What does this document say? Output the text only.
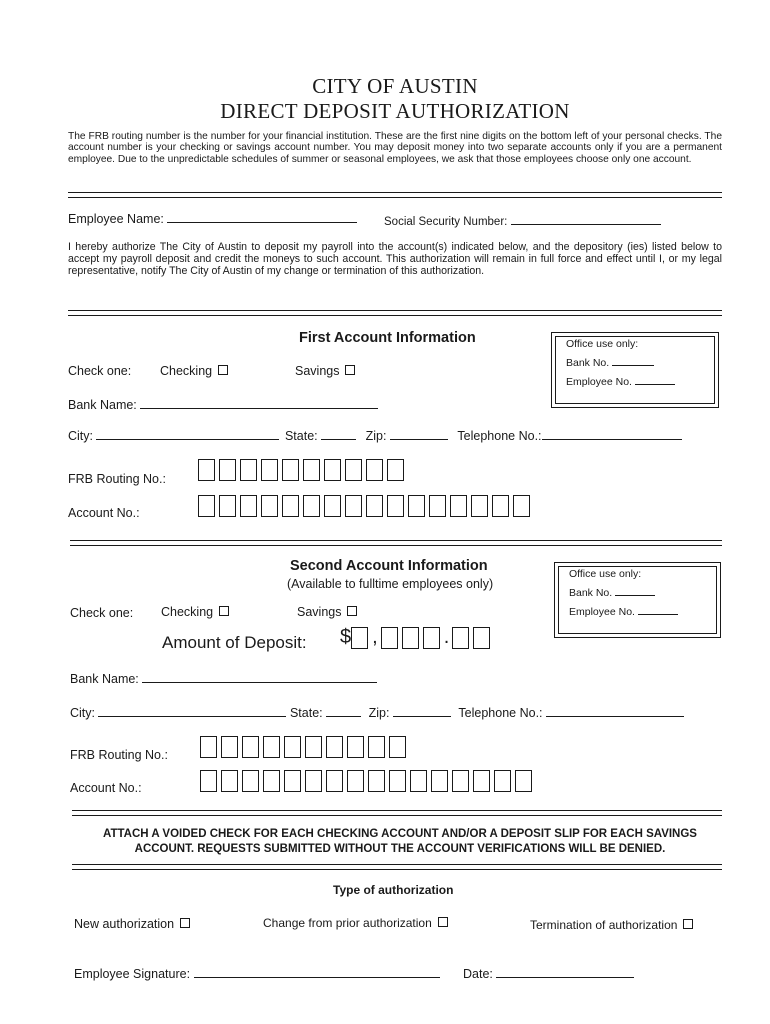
CITY OF AUSTIN
DIRECT DEPOSIT AUTHORIZATION
The FRB routing number is the number for your financial institution. These are the first nine digits on the bottom left of your personal checks. The account number is your checking or savings account number. You may deposit money into two separate accounts only if you are a permanent employee. Due to the unpredictable schedules of summer or seasonal employees, we ask that those employees choose only one account.
Employee Name:	Social Security Number:
I hereby authorize The City of Austin to deposit my payroll into the account(s) indicated below, and the depository (ies) listed below to accept my payroll deposit and credit the moneys to such account. This authorization will remain in full force and effect until I, or my legal representative, notify The City of Austin of my change or termination of this authorization.
First Account Information	Office use only:
Bank No.
Employee No.
Check one: Checking	Savings
Bank Name:
City:	State:	Zip:	Telephone No.:
FRB Routing No.:
Account No.:
Second Account Information
(Available to fulltime employees only)
Office use only:
Bank No.
Employee No.
Check one: Checking	Savings
Amount of Deposit: $ ,	.
Bank Name:
City:	State:	Zip:	Telephone No.:
FRB Routing No.:
Account No.:
ATTACH A VOIDED CHECK FOR EACH CHECKING ACCOUNT AND/OR A DEPOSIT SLIP FOR EACH SAVINGS ACCOUNT. REQUESTS SUBMITTED WITHOUT THE ACCOUNT VERIFICATIONS WILL BE DENIED.
Type of authorization
New authorization	Change from prior authorization	Termination of authorization
Employee Signature:	Date:
